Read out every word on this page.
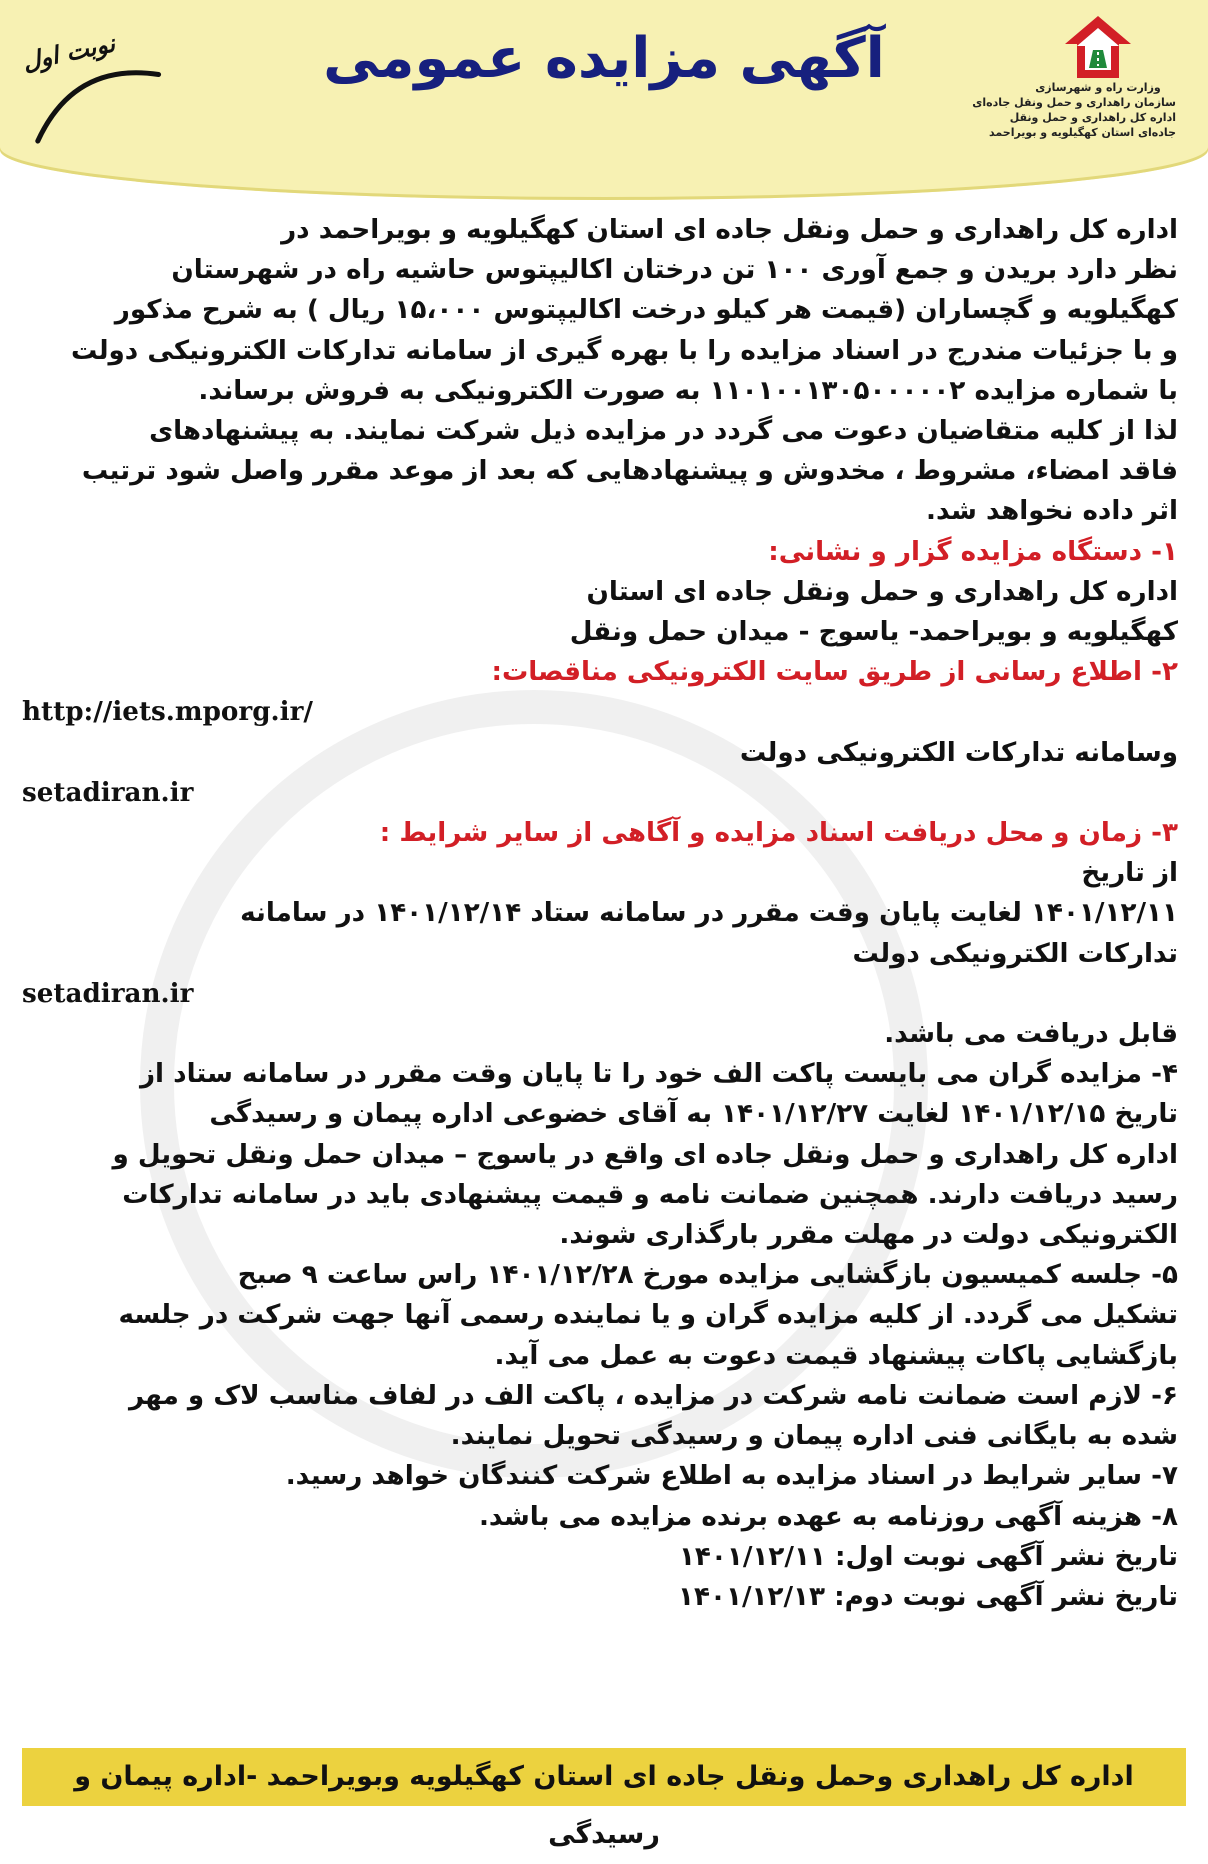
وزارت راه و شهرسازی
سازمان راهداری و حمل ونقل جاده‌ای
اداره کل راهداری و حمل ونقل
جاده‌ای استان کهگیلویه و بویراحمد
آگهی مزایده عمومی
نوبت اول
اداره کل راهداری و حمل ونقل جاده ای استان کهگیلویه و بویراحمد در
نظر دارد بریدن و جمع آوری ۱۰۰ تن درختان اکالیپتوس حاشیه راه در شهرستان
کهگیلویه و گچساران (قیمت هر کیلو درخت اکالیپتوس ۱۵،۰۰۰ ریال ) به شرح مذکور
و با جزئیات مندرج در اسناد مزایده را با بهره گیری از سامانه تدارکات الکترونیکی دولت
با شماره مزایده ۱۱۰۱۰۰۱۳۰۵۰۰۰۰۰۲ به صورت الکترونیکی به فروش برساند.
لذا از کلیه متقاضیان دعوت می گردد در مزایده ذیل شرکت نمایند. به پیشنهادهای
فاقد امضاء، مشروط ، مخدوش و پیشنهادهایی که بعد از موعد مقرر واصل شود ترتیب
اثر داده نخواهد شد.
۱- دستگاه مزایده گزار و نشانی:
اداره کل راهداری و حمل ونقل جاده ای استان
کهگیلویه و بویراحمد- یاسوج - میدان حمل ونقل
۲- اطلاع رسانی از طریق سایت الکترونیکی مناقصات:
http://iets.mporg.ir/
وسامانه تدارکات الکترونیکی دولت
setadiran.ir
۳- زمان و محل دریافت اسناد مزایده و آگاهی از سایر شرایط :
از تاریخ
۱۴۰۱/۱۲/۱۱ لغایت پایان وقت مقرر در سامانه ستاد ۱۴۰۱/۱۲/۱۴ در سامانه
تدارکات الکترونیکی دولت
setadiran.ir
قابل دریافت می باشد.
۴- مزایده گران می بایست پاکت الف خود را تا پایان وقت مقرر در سامانه ستاد از
تاریخ ۱۴۰۱/۱۲/۱۵ لغایت ۱۴۰۱/۱۲/۲۷ به آقای خضوعی اداره پیمان و رسیدگی
اداره کل راهداری و حمل ونقل جاده ای واقع در یاسوج – میدان حمل ونقل تحویل و
رسید دریافت دارند. همچنین ضمانت نامه و قیمت پیشنهادی باید در سامانه تدارکات
الکترونیکی دولت در مهلت مقرر بارگذاری شوند.
۵- جلسه کمیسیون بازگشایی مزایده مورخ ۱۴۰۱/۱۲/۲۸ راس ساعت ۹ صبح
تشکیل می گردد. از کلیه مزایده گران و یا نماینده رسمی آنها جهت شرکت در جلسه
بازگشایی پاکات پیشنهاد قیمت دعوت به عمل می آید.
۶- لازم است ضمانت نامه شرکت در مزایده ، پاکت الف در لفاف مناسب لاک و مهر
شده به بایگانی فنی اداره پیمان و رسیدگی تحویل نمایند.
۷- سایر شرایط در اسناد مزایده به اطلاع شرکت کنندگان خواهد رسید.
۸- هزینه آگهی روزنامه به عهده برنده مزایده می باشد.
تاریخ نشر آگهی نوبت اول: ۱۴۰۱/۱۲/۱۱
تاریخ نشر آگهی نوبت دوم: ۱۴۰۱/۱۲/۱۳
اداره کل راهداری وحمل ونقل جاده ای استان کهگیلویه وبویراحمد -اداره پیمان و رسیدگی
